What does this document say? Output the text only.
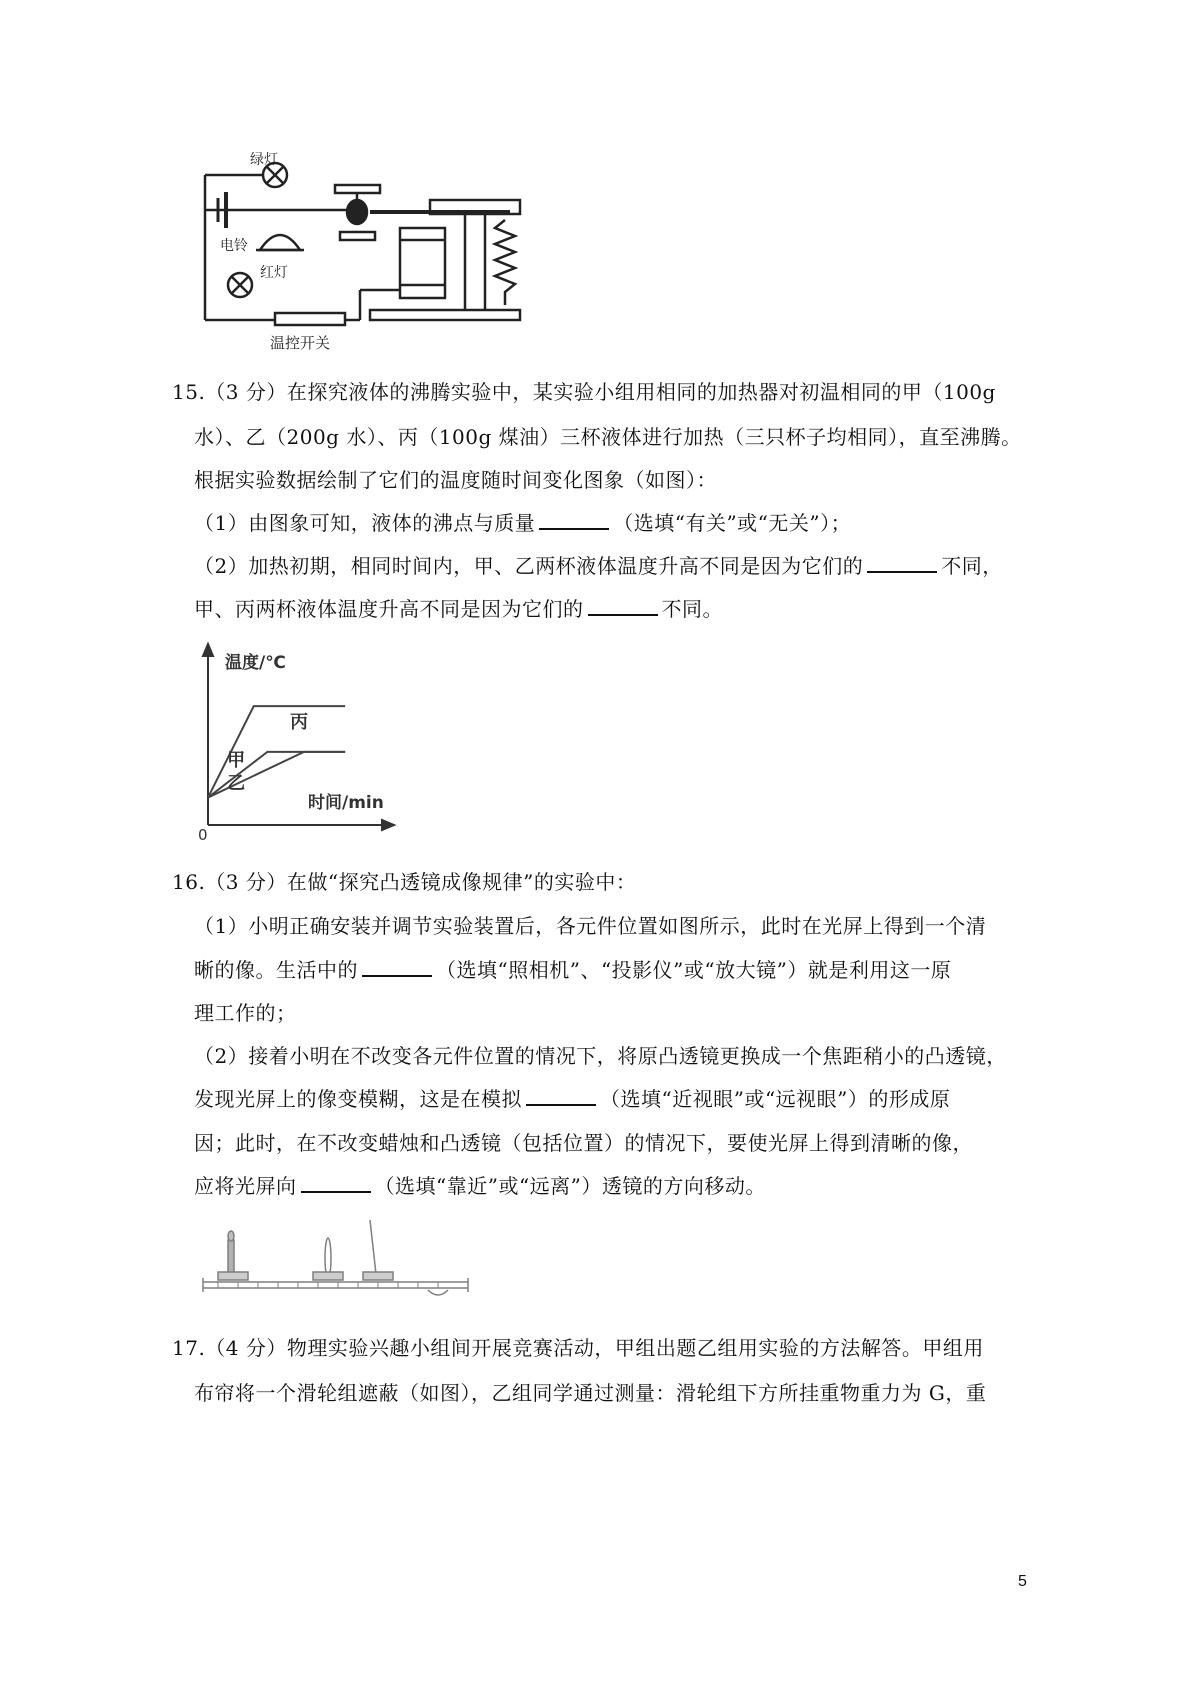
绿灯
电铃
红灯
温控开关
15.（3 分）在探究液体的沸腾实验中，某实验小组用相同的加热器对初温相同的甲（100g
水）、乙（200g 水）、丙（100g 煤油）三杯液体进行加热（三只杯子均相同），直至沸腾。
根据实验数据绘制了它们的温度随时间变化图象（如图）：
（1）由图象可知，液体的沸点与质量	（选填“有关”或“无关”）；
（2）加热初期，相同时间内，甲、乙两杯液体温度升高不同是因为它们的	不同，
甲、丙两杯液体温度升高不同是因为它们的	不同。
丙
甲
乙
温度/℃
时间/min
0
16.（3 分）在做“探究凸透镜成像规律”的实验中：
（1）小明正确安装并调节实验装置后，各元件位置如图所示，此时在光屏上得到一个清
晰的像。生活中的	（选填“照相机”、“投影仪”或“放大镜”）就是利用这一原
理工作的；
（2）接着小明在不改变各元件位置的情况下，将原凸透镜更换成一个焦距稍小的凸透镜，
发现光屏上的像变模糊，这是在模拟	（选填“近视眼”或“远视眼”）的形成原
因；此时，在不改变蜡烛和凸透镜（包括位置）的情况下，要使光屏上得到清晰的像，
应将光屏向	（选填“靠近”或“远离”）透镜的方向移动。
17.（4 分）物理实验兴趣小组间开展竞赛活动，甲组出题乙组用实验的方法解答。甲组用
布帘将一个滑轮组遮蔽（如图），乙组同学通过测量：滑轮组下方所挂重物重力为 G，重
5
